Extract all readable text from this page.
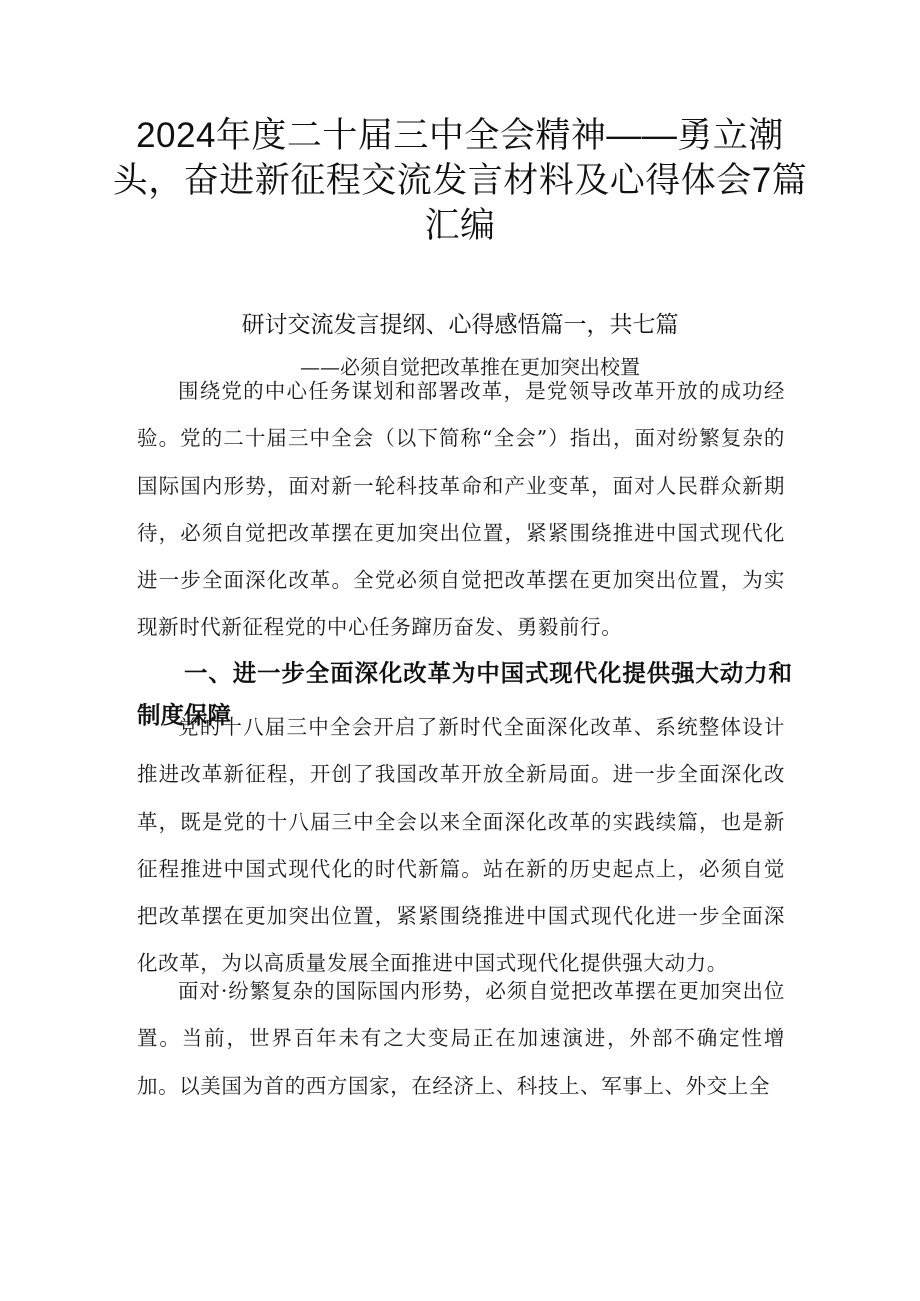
2024年度二十届三中全会精神——勇立潮头，奋进新征程交流发言材料及心得体会7篇汇编
研讨交流发言提纲、心得感悟篇一，共七篇

——必须自觉把改革推在更加突出校置

围绕党的中心任务谋划和部署改革，是党领导改革开放的成功经验。党的二十届三中全会（以下简称“全会”）指出，面对纷繁复杂的国际国内形势，面对新一轮科技革命和产业变革，面对人民群众新期待，必须自觉把改革摆在更加突出位置，紧紧围绕推进中国式现代化进一步全面深化改革。全党必须自觉把改革摆在更加突出位置，为实现新时代新征程党的中心任务蹿历奋发、勇毅前行。

一、进一步全面深化改革为中国式现代化提供强大动力和制度保障

党的十八届三中全会开启了新时代全面深化改革、系统整体设计推进改革新征程，开创了我国改革开放全新局面。进一步全面深化改革，既是党的十八届三中全会以来全面深化改革的实践续篇，也是新征程推进中国式现代化的时代新篇。站在新的历史起点上，必须自觉把改革摆在更加突出位置，紧紧围绕推进中国式现代化进一步全面深化改革，为以高质量发展全面推进中国式现代化提供强大动力。

面对·纷繁复杂的国际国内形势，必须自觉把改革摆在更加突出位置。当前，世界百年未有之大变局正在加速演进，外部不确定性增加。以美国为首的西方国家，在经济上、科技上、军事上、外交上全
